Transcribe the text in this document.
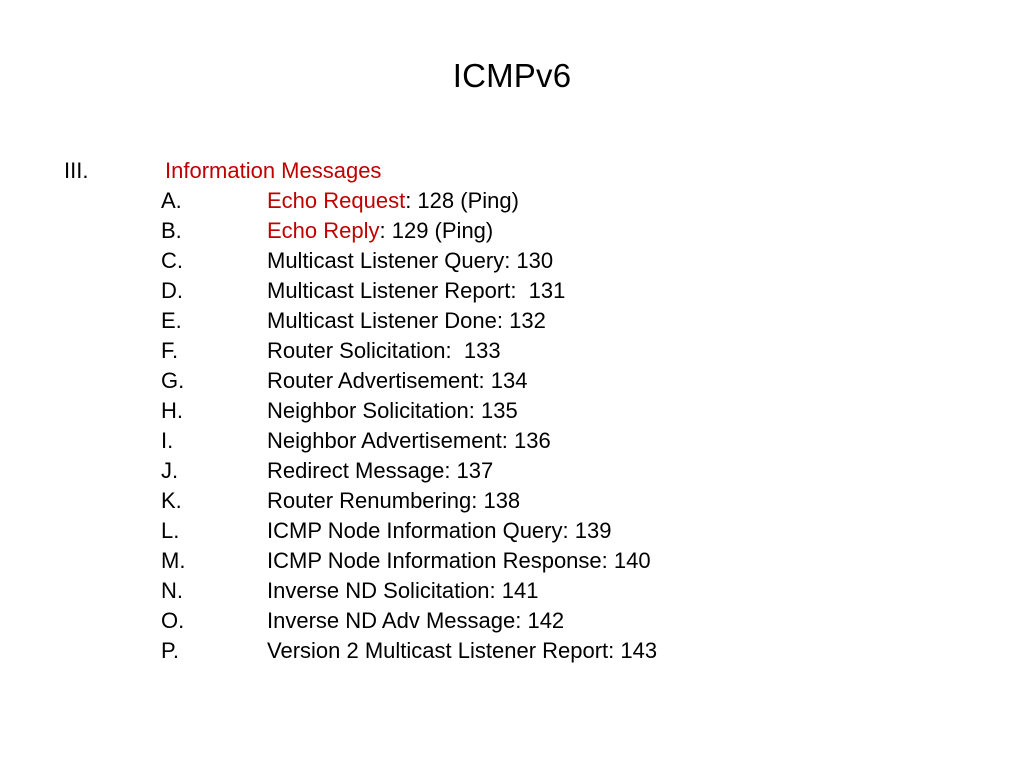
ICMPv6
III.	Information Messages
A.	Echo Request: 128 (Ping)
B.	Echo Reply: 129 (Ping)
C.	Multicast Listener Query: 130
D.	Multicast Listener Report:  131
E.	Multicast Listener Done: 132
F.	Router Solicitation:  133
G.	Router Advertisement: 134
H.	Neighbor Solicitation: 135
I.	Neighbor Advertisement: 136
J.	Redirect Message: 137
K.	Router Renumbering: 138
L.	ICMP Node Information Query: 139
M.	ICMP Node Information Response: 140
N.	Inverse ND Solicitation: 141
O.	Inverse ND Adv Message: 142
P.	Version 2 Multicast Listener Report: 143
